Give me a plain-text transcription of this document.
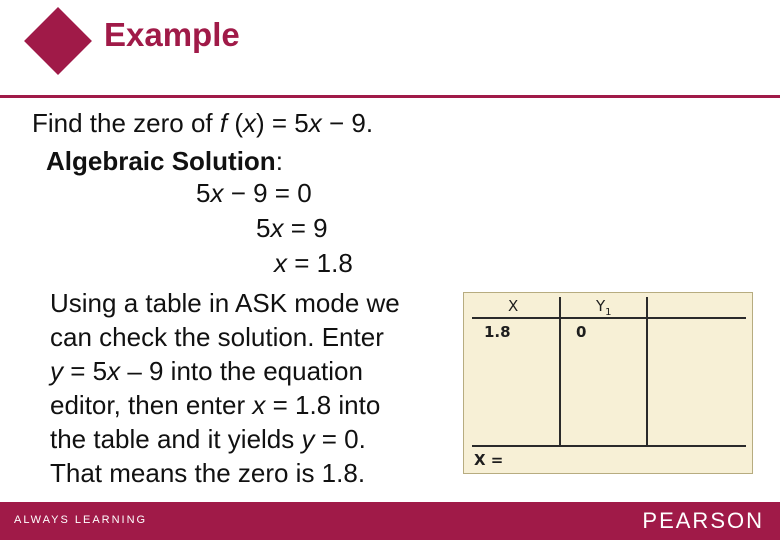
Example
Find the zero of f (x) = 5x − 9.
Algebraic Solution:
5x − 9 = 0
5x = 9
x = 1.8
Using a table in ASK mode we
can check the solution. Enter
y = 5x – 9 into the equation
editor, then enter x = 1.8 into
the table and it yields y = 0.
That means the zero is 1.8.
X	$Y_1$
1.8	0
X =
ALWAYS LEARNING	PEARSON
